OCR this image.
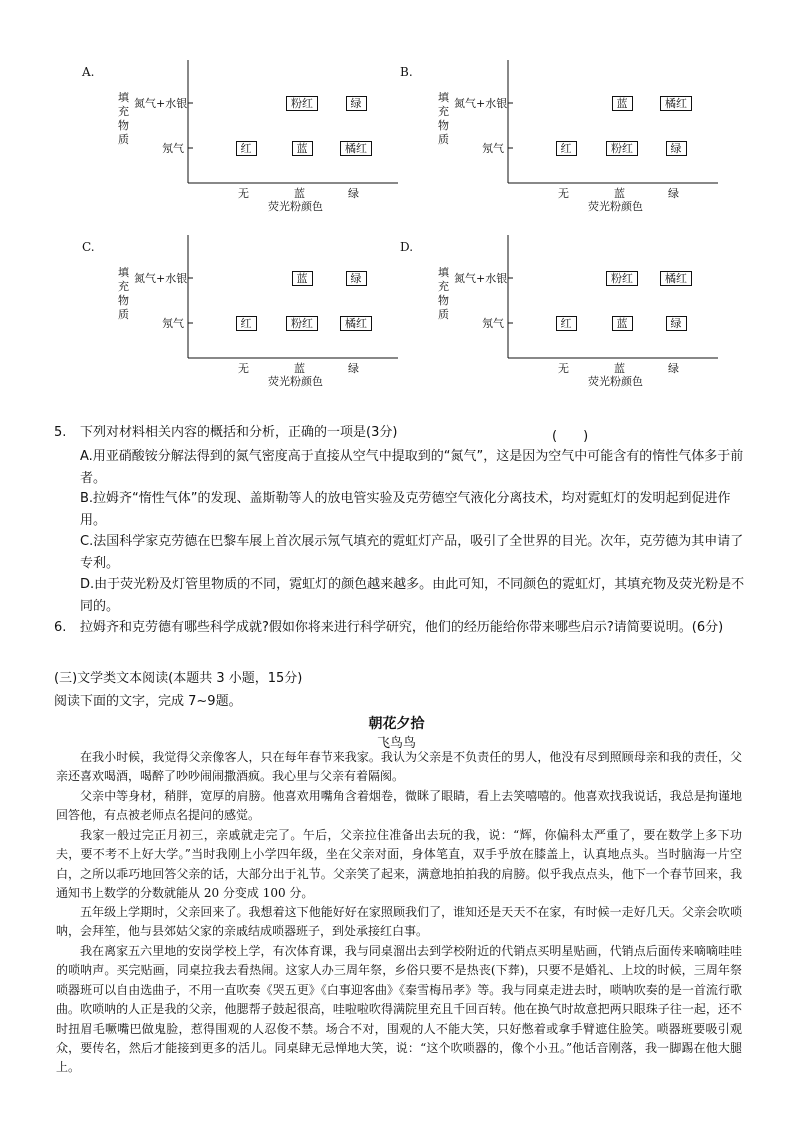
A.
填
充
物
质
氮气+水银
氖气
无	蓝	绿
荧光粉颜色
粉红	绿
红	蓝	橘红
B.
填
充
物
质
氮气+水银
氖气
无	蓝	绿
荧光粉颜色
蓝	橘红
红	粉红	绿
C.
填
充
物
质
氮气+水银
氖气
无	蓝	绿
荧光粉颜色
蓝	绿
红	粉红	橘红
D.
填
充
物
质
氮气+水银
氖气
无	蓝	绿
荧光粉颜色
粉红	橘红
红	蓝	绿
5. 下列对材料相关内容的概括和分析，正确的一项是(3分)	(　　)
A.用亚硝酸铵分解法得到的氮气密度高于直接从空气中提取到的“氮气”，这是因为空气中可能含有的惰性气体多于前者。
B.拉姆齐“惰性气体”的发现、盖斯勒等人的放电管实验及克劳德空气液化分离技术，均对霓虹灯的发明起到促进作用。
C.法国科学家克劳德在巴黎车展上首次展示氖气填充的霓虹灯产品，吸引了全世界的目光。次年，克劳德为其申请了专利。
D.由于荧光粉及灯管里物质的不同，霓虹灯的颜色越来越多。由此可知，不同颜色的霓虹灯，其填充物及荧光粉是不同的。
6. 拉姆齐和克劳德有哪些科学成就?假如你将来进行科学研究，他们的经历能给你带来哪些启示?请简要说明。(6分)
(三)文学类文本阅读(本题共 3 小题，15分)
阅读下面的文字，完成 7~9题。
朝花夕拾
飞鸟鸟
在我小时候，我觉得父亲像客人，只在每年春节来我家。我认为父亲是不负责任的男人，他没有尽到照顾母亲和我的责任，父亲还喜欢喝酒，喝醉了吵吵闹闹撒酒疯。我心里与父亲有着隔阂。
父亲中等身材，稍胖，宽厚的肩膀。他喜欢用嘴角含着烟卷，微眯了眼睛，看上去笑嘻嘻的。他喜欢找我说话，我总是拘谨地回答他，有点被老师点名提问的感觉。
我家一般过完正月初三，亲戚就走完了。午后，父亲拉住准备出去玩的我，说：“辉，你偏科太严重了，要在数学上多下功夫，要不考不上好大学。”当时我刚上小学四年级，坐在父亲对面，身体笔直，双手乎放在膝盖上，认真地点头。当时脑海一片空白，之所以乖巧地回答父亲的话，大部分出于礼节。父亲笑了起来，满意地拍拍我的肩膀。似乎我点点头，他下一个春节回来，我通知书上数学的分数就能从 20 分变成 100 分。
五年级上学期时，父亲回来了。我想着这下他能好好在家照顾我们了，谁知还是天天不在家，有时候一走好几天。父亲会吹唢呐，会拜笙，他与县郊姑父家的亲戚结成唢器班子，到处承接红白事。
我在离家五六里地的安岗学校上学，有次体育课，我与同桌溜出去到学校附近的代销点买明星贴画，代销点后面传来嘀嘀哇哇的唢呐声。买完贴画，同桌拉我去看热闹。这家人办三周年祭，乡俗只要不是热丧(下葬)，只要不是婚礼、上坟的时候，三周年祭唢器班可以自由选曲子，不用一直吹奏《哭五更》《白事迎客曲》《秦雪梅吊孝》等。我与同桌走进去时，唢呐吹奏的是一首流行歌曲。吹唢呐的人正是我的父亲，他腮帮子鼓起很高，哇啦啦吹得满院里充且千回百转。他在换气时故意把两只眼珠子往一起，还不时扭眉毛噘嘴巴做鬼脸，惹得围观的人忍俊不禁。场合不对，围观的人不能大笑，只好憋着或拿手臂遮住脸笑。唢器班要吸引观众，要传名，然后才能接到更多的活儿。同桌肆无忌惮地大笑，说：“这个吹唢器的，像个小丑。”他话音刚落，我一脚踢在他大腿上。
